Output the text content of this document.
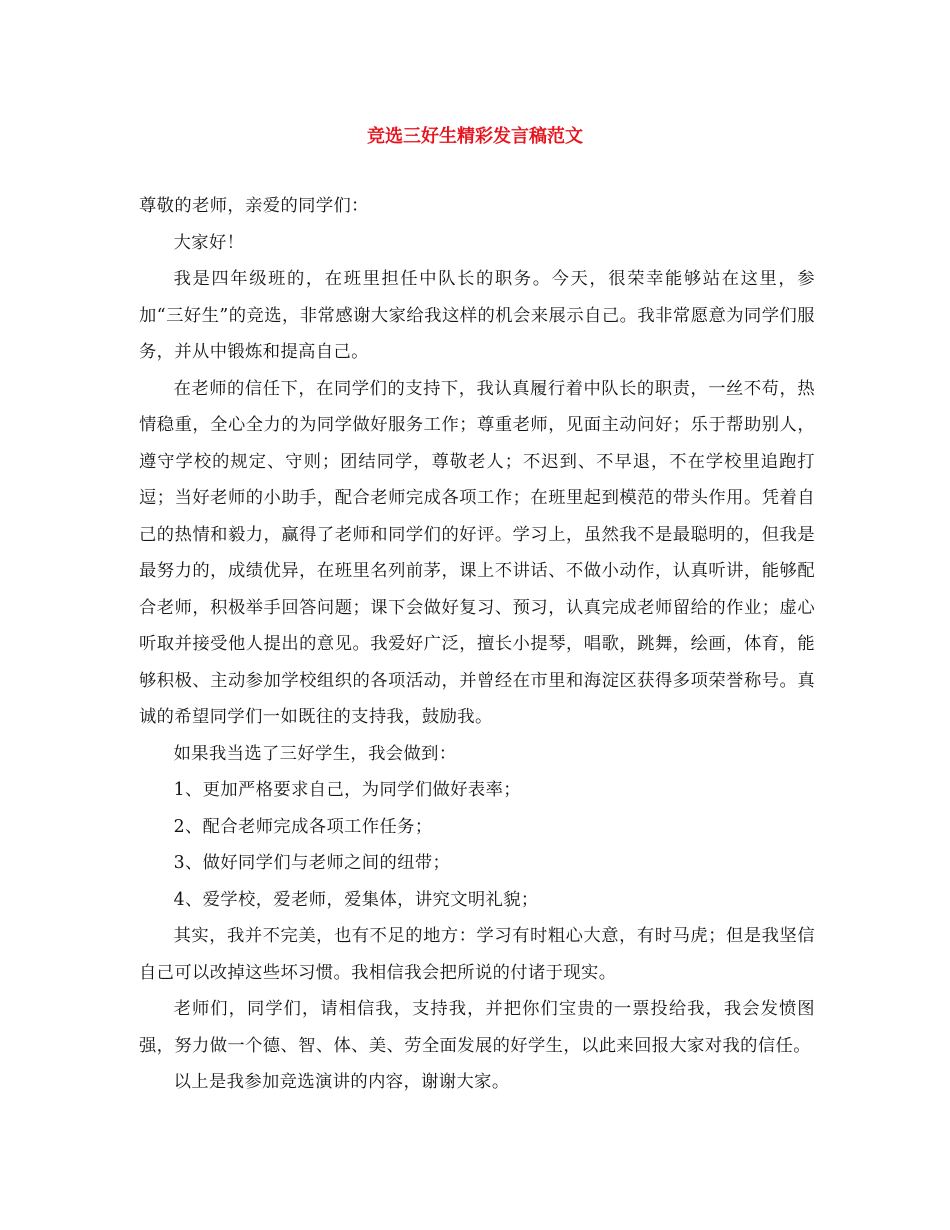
竞选三好生精彩发言稿范文

尊敬的老师，亲爱的同学们：

大家好！

我是四年级班的，在班里担任中队长的职务。今天，很荣幸能够站在这里，参加“三好生”的竞选，非常感谢大家给我这样的机会来展示自己。我非常愿意为同学们服务，并从中锻炼和提高自己。

在老师的信任下，在同学们的支持下，我认真履行着中队长的职责，一丝不苟，热情稳重，全心全力的为同学做好服务工作；尊重老师，见面主动问好；乐于帮助别人，遵守学校的规定、守则；团结同学，尊敬老人；不迟到、不早退，不在学校里追跑打逗；当好老师的小助手，配合老师完成各项工作；在班里起到模范的带头作用。凭着自己的热情和毅力，赢得了老师和同学们的好评。学习上，虽然我不是最聪明的，但我是最努力的，成绩优异，在班里名列前茅，课上不讲话、不做小动作，认真听讲，能够配合老师，积极举手回答问题；课下会做好复习、预习，认真完成老师留给的作业；虚心听取并接受他人提出的意见。我爱好广泛，擅长小提琴，唱歌，跳舞，绘画，体育，能够积极、主动参加学校组织的各项活动，并曾经在市里和海淀区获得多项荣誉称号。真诚的希望同学们一如既往的支持我，鼓励我。

如果我当选了三好学生，我会做到：

1、更加严格要求自己，为同学们做好表率；

2、配合老师完成各项工作任务；

3、做好同学们与老师之间的纽带；

4、爱学校，爱老师，爱集体，讲究文明礼貌；

其实，我并不完美，也有不足的地方：学习有时粗心大意，有时马虎；但是我坚信自己可以改掉这些坏习惯。我相信我会把所说的付诸于现实。

老师们，同学们，请相信我，支持我，并把你们宝贵的一票投给我，我会发愤图强，努力做一个德、智、体、美、劳全面发展的好学生，以此来回报大家对我的信任。

以上是我参加竞选演讲的内容，谢谢大家。
